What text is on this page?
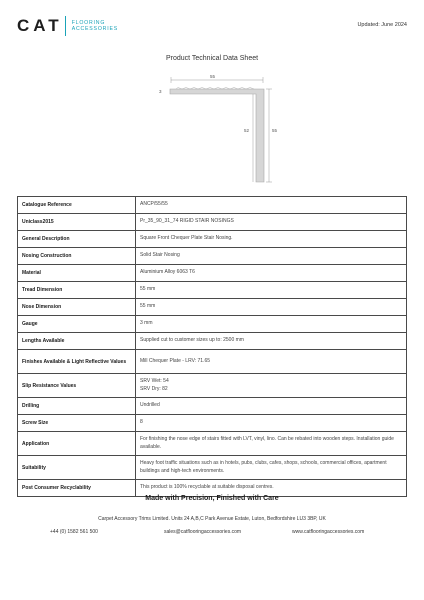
CAT FLOORING
ACCESSORIES
Updated: June 2024
Product Technical Data Sheet
55
3
52	55
Catalogue Reference	ANCP/55/55
Uniclass2015	Pr_35_90_31_74 RIGID STAIR NOSINGS
General Description	Square Front Chequer Plate Stair Nosing.
Nosing Construction	Solid Stair Nosing
Material	Aluminium Alloy 6063 T6
Tread Dimension	55 mm
Nose Dimension	55 mm
Gauge	3 mm
Lengths Available	Supplied cut to customer sizes up to: 2500 mm
Finishes Available & Light Reflective Values	Mill Chequer Plate - LRV: 71.65
Slip Resistance Values	SRV Wet: 54
SRV Dry: 82
Drilling	Undrilled
Screw Size	8
Application	For finishing the nose edge of stairs fitted with LVT, vinyl, lino. Can be rebated into wooden steps. Installation guide available.
Suitability	Heavy foot traffic situations such as in hotels, pubs, clubs, cafes, shops, schools, commercial offices, apartment buildings and high-tech environments.
Post Consumer Recyclability	This product is 100% recyclable at suitable disposal centres.
Made with Precision, Finished with Care
Carpet Accessory Trims Limited. Units 24 A,B,C Park Avenue Estate, Luton, Bedfordshire LU3 3BP, UK
+44 (0) 1582 561 500	sales@catflooringaccessories.com	www.catflooringaccessories.com
